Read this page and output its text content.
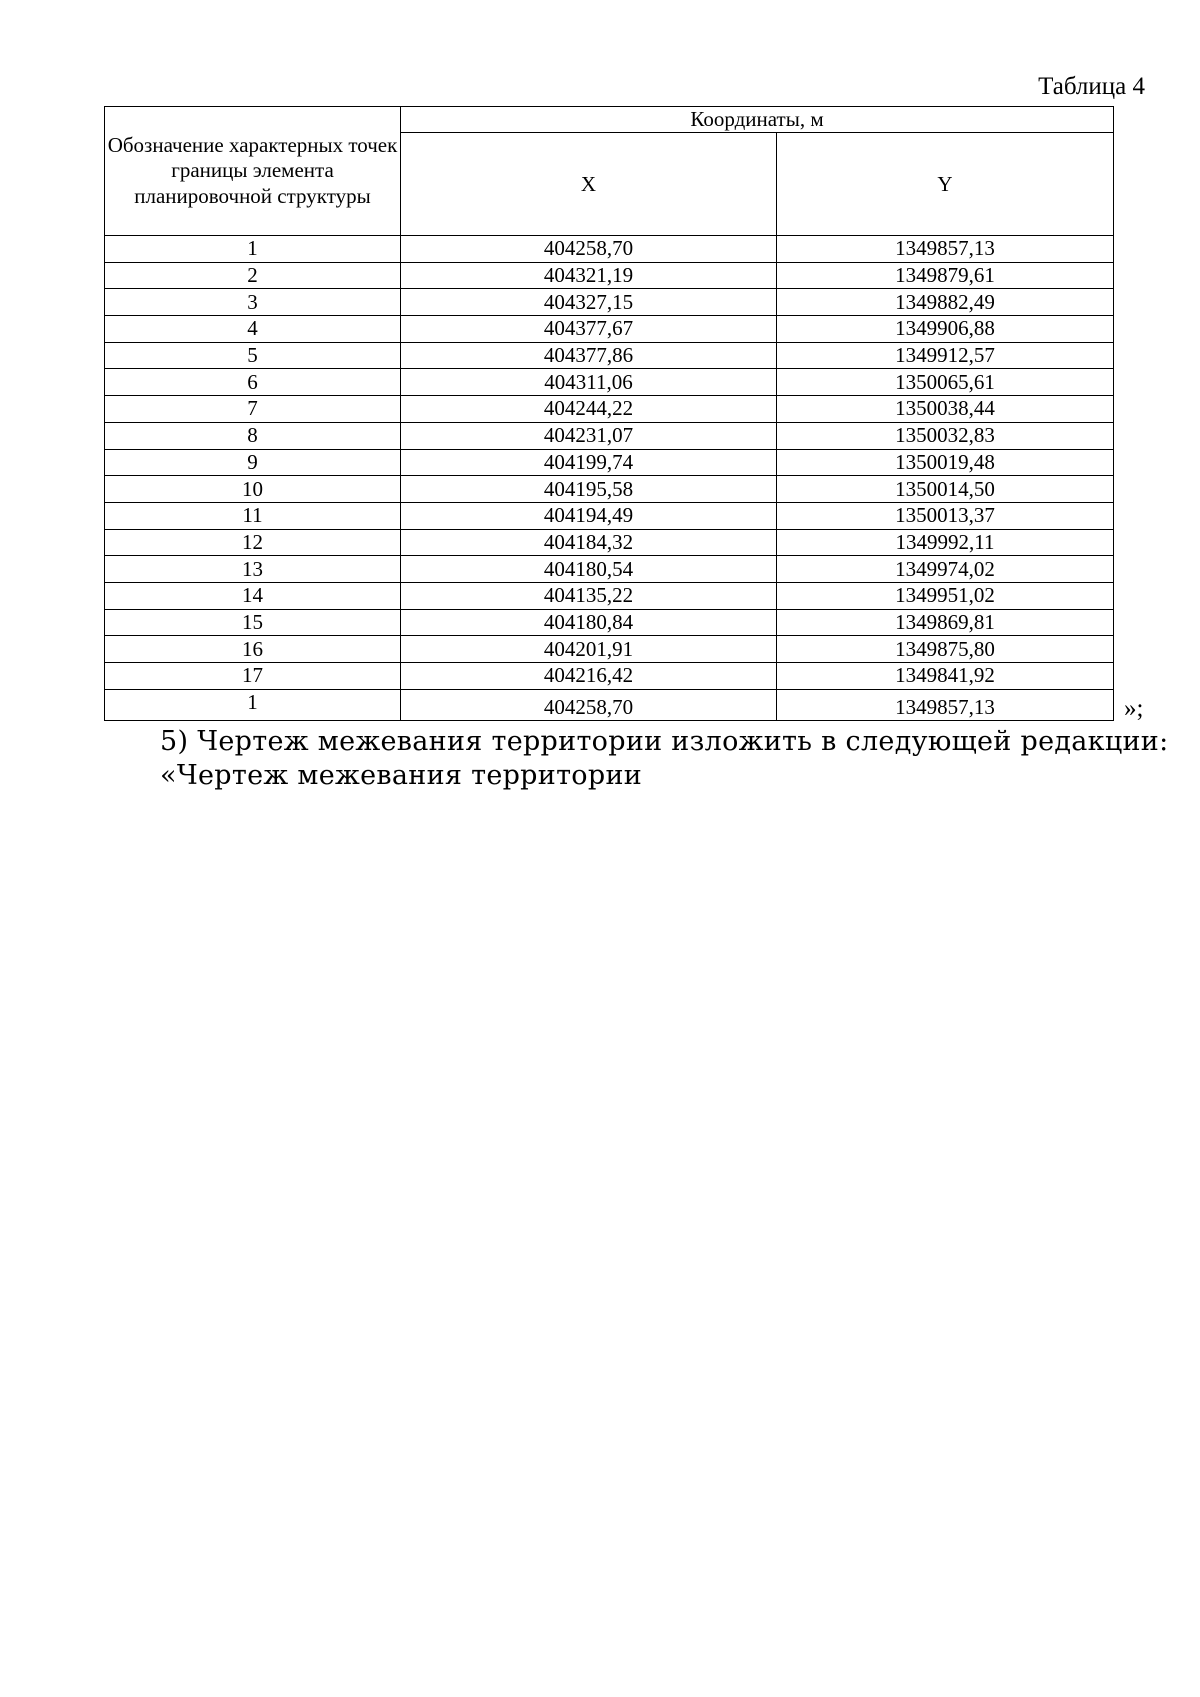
Таблица 4
Обозначение характерных точек границы элемента планировочной структуры	Координаты, м	
	X	Y
1	404258,70	1349857,13
2	404321,19	1349879,61
3	404327,15	1349882,49
4	404377,67	1349906,88
5	404377,86	1349912,57
6	404311,06	1350065,61
7	404244,22	1350038,44
8	404231,07	1350032,83
9	404199,74	1350019,48
10	404195,58	1350014,50
11	404194,49	1350013,37
12	404184,32	1349992,11
13	404180,54	1349974,02
14	404135,22	1349951,02
15	404180,84	1349869,81
16	404201,91	1349875,80
17	404216,42	1349841,92
1	404258,70	1349857,13	»;
5) Чертеж межевания территории изложить в следующей редакции:
«Чертеж межевания территории
